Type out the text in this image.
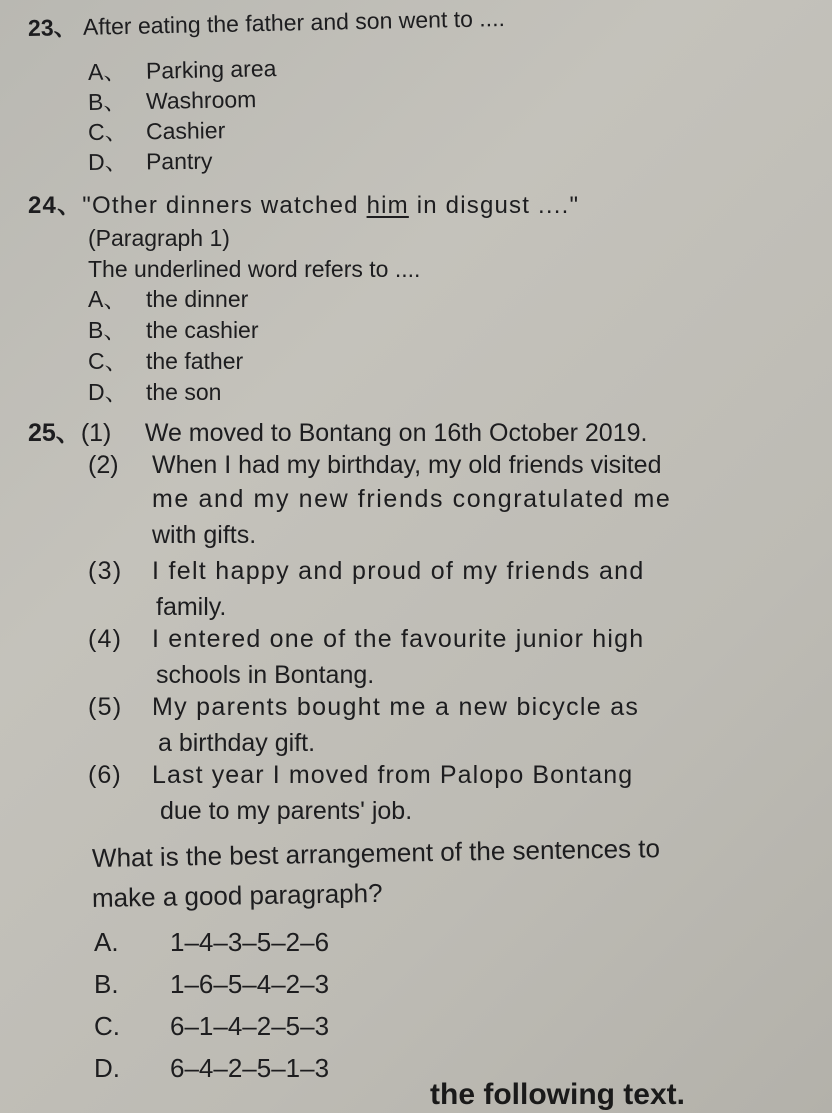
23、 After eating the father and son went to ....
A、 Parking area
B、 Washroom
C、 Cashier
D、 Pantry
24、"Other dinners watched him in disgust ...."
(Paragraph 1)
The underlined word refers to ....
A、 the dinner
B、 the cashier
C、 the father
D、 the son
25、(1) We moved to Bontang on 16th October 2019.
(2) When I had my birthday, my old friends visited
me and my new friends congratulated me
with gifts.
(3) I felt happy and proud of my friends and
family.
(4) I entered one of the favourite junior high
schools in Bontang.
(5) My parents bought me a new bicycle as
a birthday gift.
(6) Last year I moved from Palopo Bontang
due to my parents' job.
What is the best arrangement of the sentences to
make a good paragraph?
A. 1–4–3–5–2–6
B. 1–6–5–4–2–3
C. 6–1–4–2–5–3
D. 6–4–2–5–1–3
the following text.
